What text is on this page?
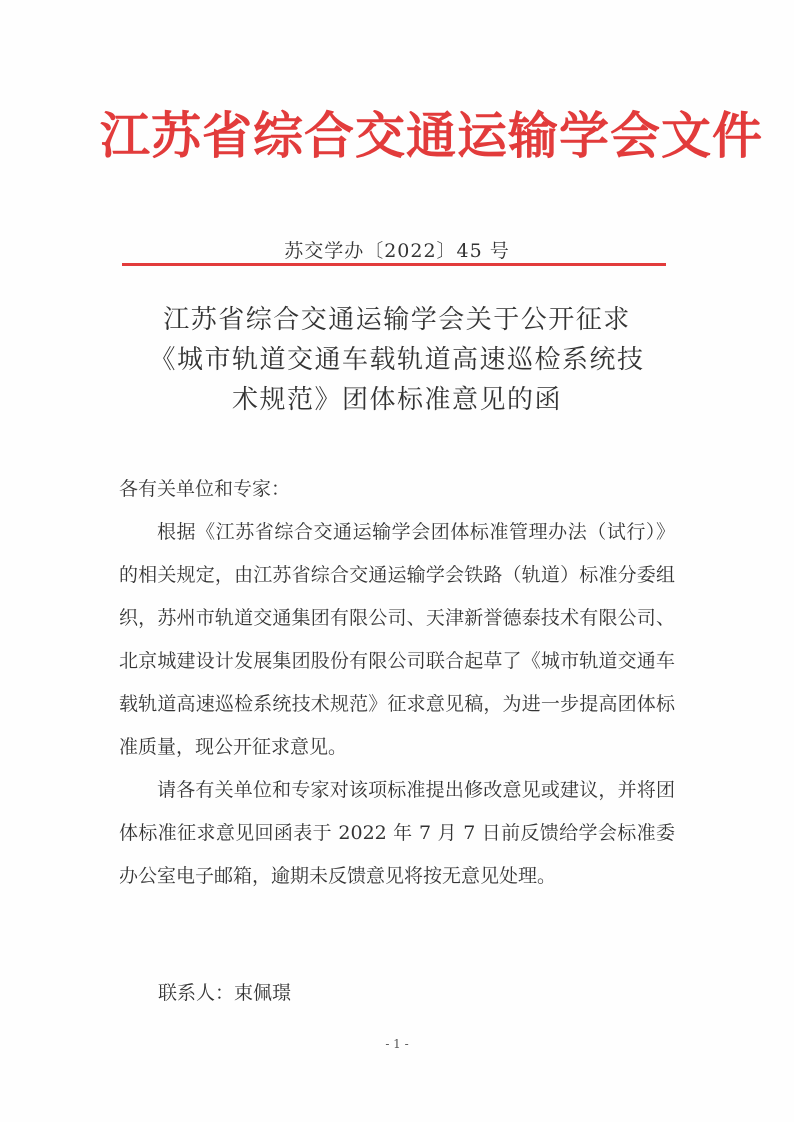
江苏省综合交通运输学会文件
苏交学办〔2022〕45 号
江苏省综合交通运输学会关于公开征求
《城市轨道交通车载轨道高速巡检系统技
术规范》团体标准意见的函

各有关单位和专家：

根据《江苏省综合交通运输学会团体标准管理办法（试行）》的相关规定，由江苏省综合交通运输学会铁路（轨道）标准分委组织，苏州市轨道交通集团有限公司、天津新誉德泰技术有限公司、北京城建设计发展集团股份有限公司联合起草了《城市轨道交通车载轨道高速巡检系统技术规范》征求意见稿，为进一步提高团体标准质量，现公开征求意见。

请各有关单位和专家对该项标准提出修改意见或建议，并将团体标准征求意见回函表于 2022 年 7 月 7 日前反馈给学会标准委办公室电子邮箱，逾期未反馈意见将按无意见处理。

联系人：束佩璟
- 1 -
